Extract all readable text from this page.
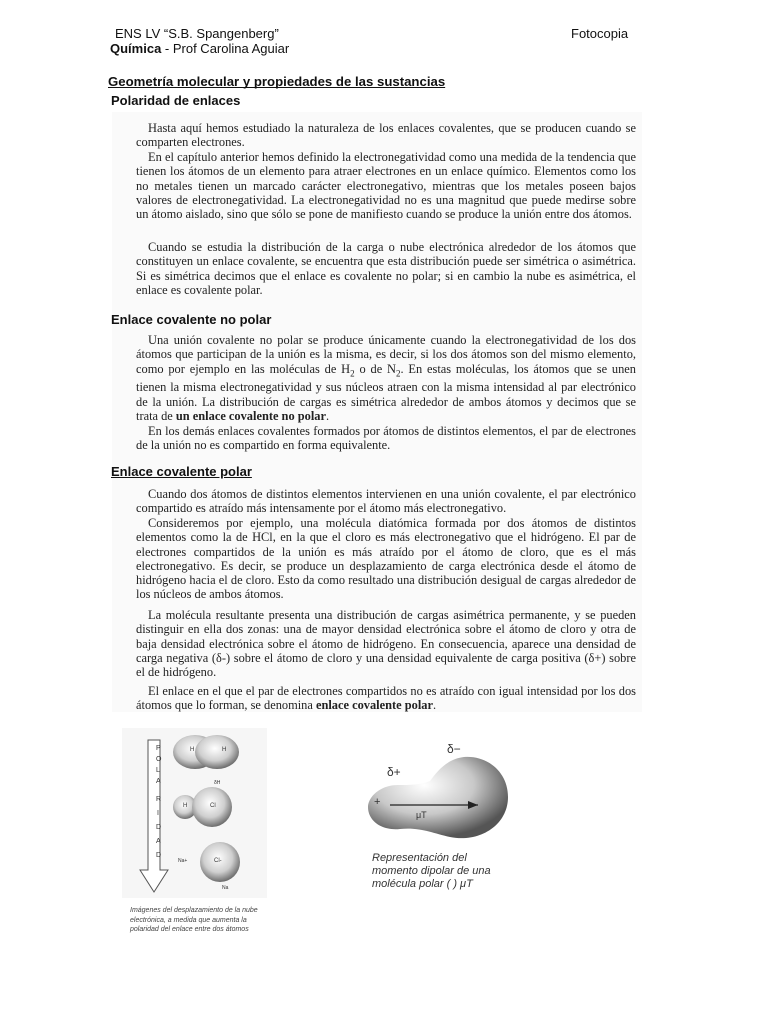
ENS LV “S.B. Spangenberg”
Química - Prof Carolina Aguiar
Fotocopia
Geometría molecular y propiedades de las sustancias
Polaridad de enlaces

Hasta aquí hemos estudiado la naturaleza de los enlaces covalentes, que se producen cuando se comparten electrones.

En el capítulo anterior hemos definido la electronegatividad como una medida de la tendencia que tienen los átomos de un elemento para atraer electrones en un enlace químico. Elementos como los no metales tienen un marcado carácter electronegativo, mientras que los metales poseen bajos valores de electronegatividad. La electronegatividad no es una magnitud que puede medirse sobre un átomo aislado, sino que sólo se pone de manifiesto cuando se produce la unión entre dos átomos.

Cuando se estudia la distribución de la carga o nube electrónica alrededor de los átomos que constituyen un enlace covalente, se encuentra que esta distribución puede ser simétrica o asimétrica. Si es simétrica decimos que el enlace es covalente no polar; si en cambio la nube es asimétrica, el enlace es covalente polar.

Enlace covalente no polar

Una unión covalente no polar se produce únicamente cuando la electronegatividad de los dos átomos que participan de la unión es la misma, es decir, si los dos átomos son del mismo elemento, como por ejemplo en las moléculas de $H_2$ o de $N_2$. En estas moléculas, los átomos que se unen tienen la misma electronegatividad y sus núcleos atraen con la misma intensidad al par electrónico de la unión. La distribución de cargas es simétrica alrededor de ambos átomos y decimos que se trata de un enlace covalente no polar.

En los demás enlaces covalentes formados por átomos de distintos elementos, el par de electrones de la unión no es compartido en forma equivalente.

Enlace covalente polar

Cuando dos átomos de distintos elementos intervienen en una unión covalente, el par electrónico compartido es atraído más intensamente por el átomo más electronegativo.

Consideremos por ejemplo, una molécula diatómica formada por dos átomos de distintos elementos como la de HCl, en la que el cloro es más electronegativo que el hidrógeno. El par de electrones compartidos de la unión es más atraído por el átomo de cloro, que es el más electronegativo. Es decir, se produce un desplazamiento de carga electrónica desde el átomo de hidrógeno hacia el de cloro. Esto da como resultado una distribución desigual de cargas alrededor de los núcleos de ambos átomos.

La molécula resultante presenta una distribución de cargas asimétrica permanente, y se pueden distinguir en ella dos zonas: una de mayor densidad electrónica sobre el átomo de cloro y otra de baja densidad electrónica sobre el átomo de hidrógeno. En consecuencia, aparece una densidad de carga negativa (δ-) sobre el átomo de cloro y una densidad equivalente de carga positiva (δ+) sobre el de hidrógeno.

El enlace en el que el par de electrones compartidos no es atraído con igual intensidad por los dos átomos que lo forman, se denomina enlace covalente polar.

P
O
L
A
R
I
D
A
D
H	H
δH
H	Cl
Na+	Cl-
Na
Imágenes del desplazamiento de la nube electrónica, a medida que aumenta la polaridad del enlace entre dos átomos
δ−
δ+
+
μT
Representación del
momento dipolar de una
molécula polar ( ) μT
